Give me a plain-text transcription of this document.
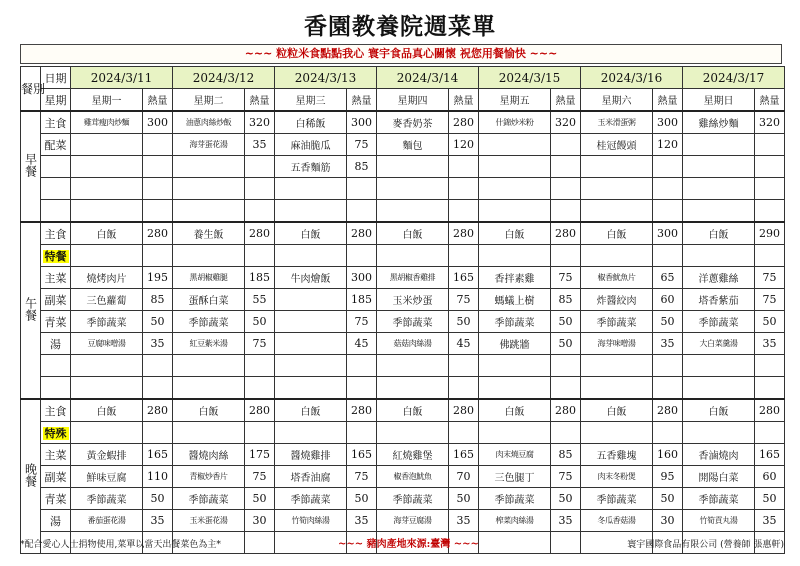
香園教養院週菜單
~~~ 粒粒米食點點我心 寰宇食品真心關懷 祝您用餐愉快 ~~~
餐別	日期	2024/3/11		2024/3/12		2024/3/13		2024/3/14		2024/3/15		2024/3/16		2024/3/17	
	星期	星期一	熱量	星期二	熱量	星期三	熱量	星期四	熱量	星期五	熱量	星期六	熱量	星期日	熱量
早餐	主食	雞茸瘦肉炒麵	300	油蔥肉絲炒飯	320	白稀飯	300	麥香奶茶	280	什錦炒米粉	320	玉米滑蛋粥	300	雞絲炒麵	320
	配菜			海芽蛋花湯	35	麻油脆瓜	75	麵包	120			桂冠饅頭	120		
						五香麵筋	85								

午餐	主食	白飯	280	養生飯	280	白飯	280	白飯	280	白飯	280	白飯	300	白飯	290
	特餐														
	主菜	燒烤肉片	195	黑胡椒雞腿	185	牛肉燴飯	300	黑胡椒香雞排	165	香拌素雞	75	椒香魷魚片	65	洋蔥雞絲	75
	副菜	三色蘿蔔	85	蛋酥白菜	55		185	玉米炒蛋	75	螞蟻上樹	85	炸醬絞肉	60	塔香紫茄	75
	青菜	季節蔬菜	50	季節蔬菜	50		75	季節蔬菜	50	季節蔬菜	50	季節蔬菜	50	季節蔬菜	50
	湯	豆腐味噌湯	35	紅豆紫米湯	75		45	菇菇肉絲湯	45	佛跳牆	50	海芽味噌湯	35	大白菜羹湯	35

晚餐	主食	白飯	280	白飯	280	白飯	280	白飯	280	白飯	280	白飯	280	白飯	280
	特殊														
	主菜	黃金蝦排	165	醬燒肉絲	175	醬燒雞排	165	紅燒雞堡	165	肉末燒豆腐	85	五香雞塊	160	香滷燒肉	165
	副菜	鮮味豆腐	110	青椒炒香片	75	塔香油腐	75	椒香泡魷魚	70	三色腿丁	75	肉末冬粉煲	95	開陽白菜	60
	青菜	季節蔬菜	50	季節蔬菜	50	季節蔬菜	50	季節蔬菜	50	季節蔬菜	50	季節蔬菜	50	季節蔬菜	50
	湯	番茄蛋花湯	35	玉米蛋花湯	30	竹筍肉絲湯	35	海芽豆腐湯	35	榨菜肉絲湯	35	冬瓜香菇湯	30	竹筍貢丸湯	35

*配合愛心人士捐物使用,菜單以當天出餐菜色為主*	~~~ 豬肉產地來源:臺灣 ~~~	寰宇國際食品有限公司 (營養師 張惠軒)
